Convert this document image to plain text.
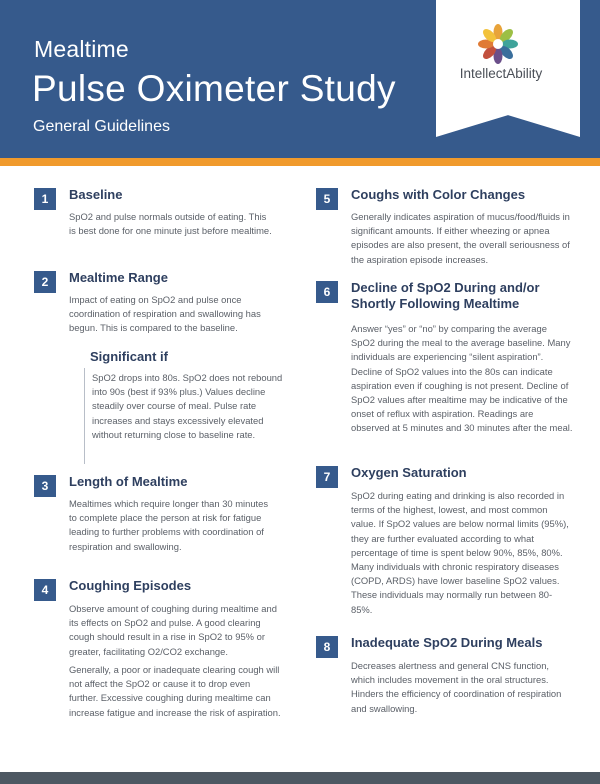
Mealtime
Pulse Oximeter Study
General Guidelines
IntellectAbility
1	Baseline
SpO2 and pulse normals outside of eating. This is best done for one minute just before mealtime.
2	Mealtime Range
Impact of eating on SpO2 and pulse once coordination of respiration and swallowing has begun. This is compared to the baseline.
Significant if
SpO2 drops into 80s. SpO2 does not rebound into 90s (best if 93% plus.) Values decline steadily over course of meal. Pulse rate increases and stays excessively elevated without returning close to baseline rate.
3	Length of Mealtime
Mealtimes which require longer than 30 minutes to complete place the person at risk for fatigue leading to further problems with coordination of respiration and swallowing.
4	Coughing Episodes
Observe amount of coughing during mealtime and its effects on SpO2 and pulse. A good clearing cough should result in a rise in SpO2 to 95% or greater, facilitating O2/CO2 exchange.
Generally, a poor or inadequate clearing cough will not affect the SpO2 or cause it to drop even further. Excessive coughing during mealtime can increase fatigue and increase the risk of aspiration.
5	Coughs with Color Changes
Generally indicates aspiration of mucus/food/fluids in significant amounts. If either wheezing or apnea episodes are also present, the overall seriousness of the aspiration episode increases.
6	Decline of SpO2 During and/or Shortly Following Mealtime
Answer “yes” or “no” by comparing the average SpO2 during the meal to the average baseline. Many individuals are experiencing “silent aspiration”. Decline of SpO2 values into the 80s can indicate aspiration even if coughing is not present. Decline of SpO2 values after mealtime may be indicative of the onset of reflux with aspiration. Readings are observed at 5 minutes and 30 minutes after the meal.
7	Oxygen Saturation
SpO2 during eating and drinking is also recorded in terms of the highest, lowest, and most common value. If SpO2 values are below normal limits (95%), they are further evaluated according to what percentage of time is spent below 90%, 85%, 80%. Many individuals with chronic respiratory diseases (COPD, ARDS) have lower baseline SpO2 values. These individuals may normally run between 80-85%.
8	Inadequate SpO2 During Meals
Decreases alertness and general CNS function, which includes movement in the oral structures. Hinders the efficiency of coordination of respiration and swallowing.
